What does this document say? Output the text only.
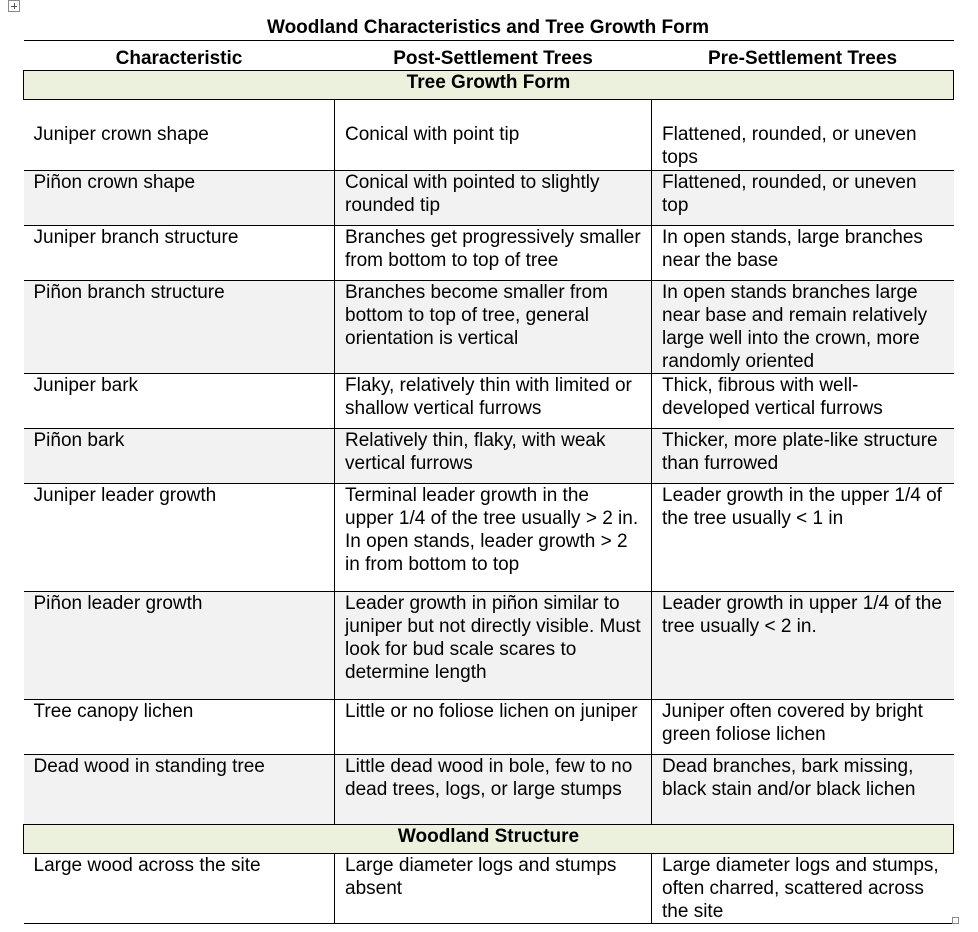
Woodland Characteristics and Tree Growth Form
Characteristic	Post-Settlement Trees	Pre-Settlement Trees
Tree Growth Form		
Juniper crown shape	Conical with point tip	Flattened, rounded, or uneven tops
Piñon crown shape	Conical with pointed to slightly rounded tip	Flattened, rounded, or uneven top
Juniper branch structure	Branches get progressively smaller from bottom to top of tree	In open stands, large branches near the base
Piñon branch structure	Branches become smaller from bottom to top of tree, general orientation is vertical	In open stands branches large near base and remain relatively large well into the crown, more randomly oriented
Juniper bark	Flaky, relatively thin with limited or shallow vertical furrows	Thick, fibrous with well-developed vertical furrows
Piñon bark	Relatively thin, flaky, with weak vertical furrows	Thicker, more plate-like structure than furrowed
Juniper leader growth	Terminal leader growth in the upper 1/4 of the tree usually > 2 in. In open stands, leader growth > 2 in from bottom to top	Leader growth in the upper 1/4 of the tree usually < 1 in
Piñon leader growth	Leader growth in piñon similar to juniper but not directly visible. Must look for bud scale scares to determine length	Leader growth in upper 1/4 of the tree usually < 2 in.
Tree canopy lichen	Little or no foliose lichen on juniper	Juniper often covered by bright green foliose lichen
Dead wood in standing tree	Little dead wood in bole, few to no dead trees, logs, or large stumps	Dead branches, bark missing, black stain and/or black lichen
Woodland Structure		
Large wood across the site	Large diameter logs and stumps absent	Large diameter logs and stumps, often charred, scattered across the site
